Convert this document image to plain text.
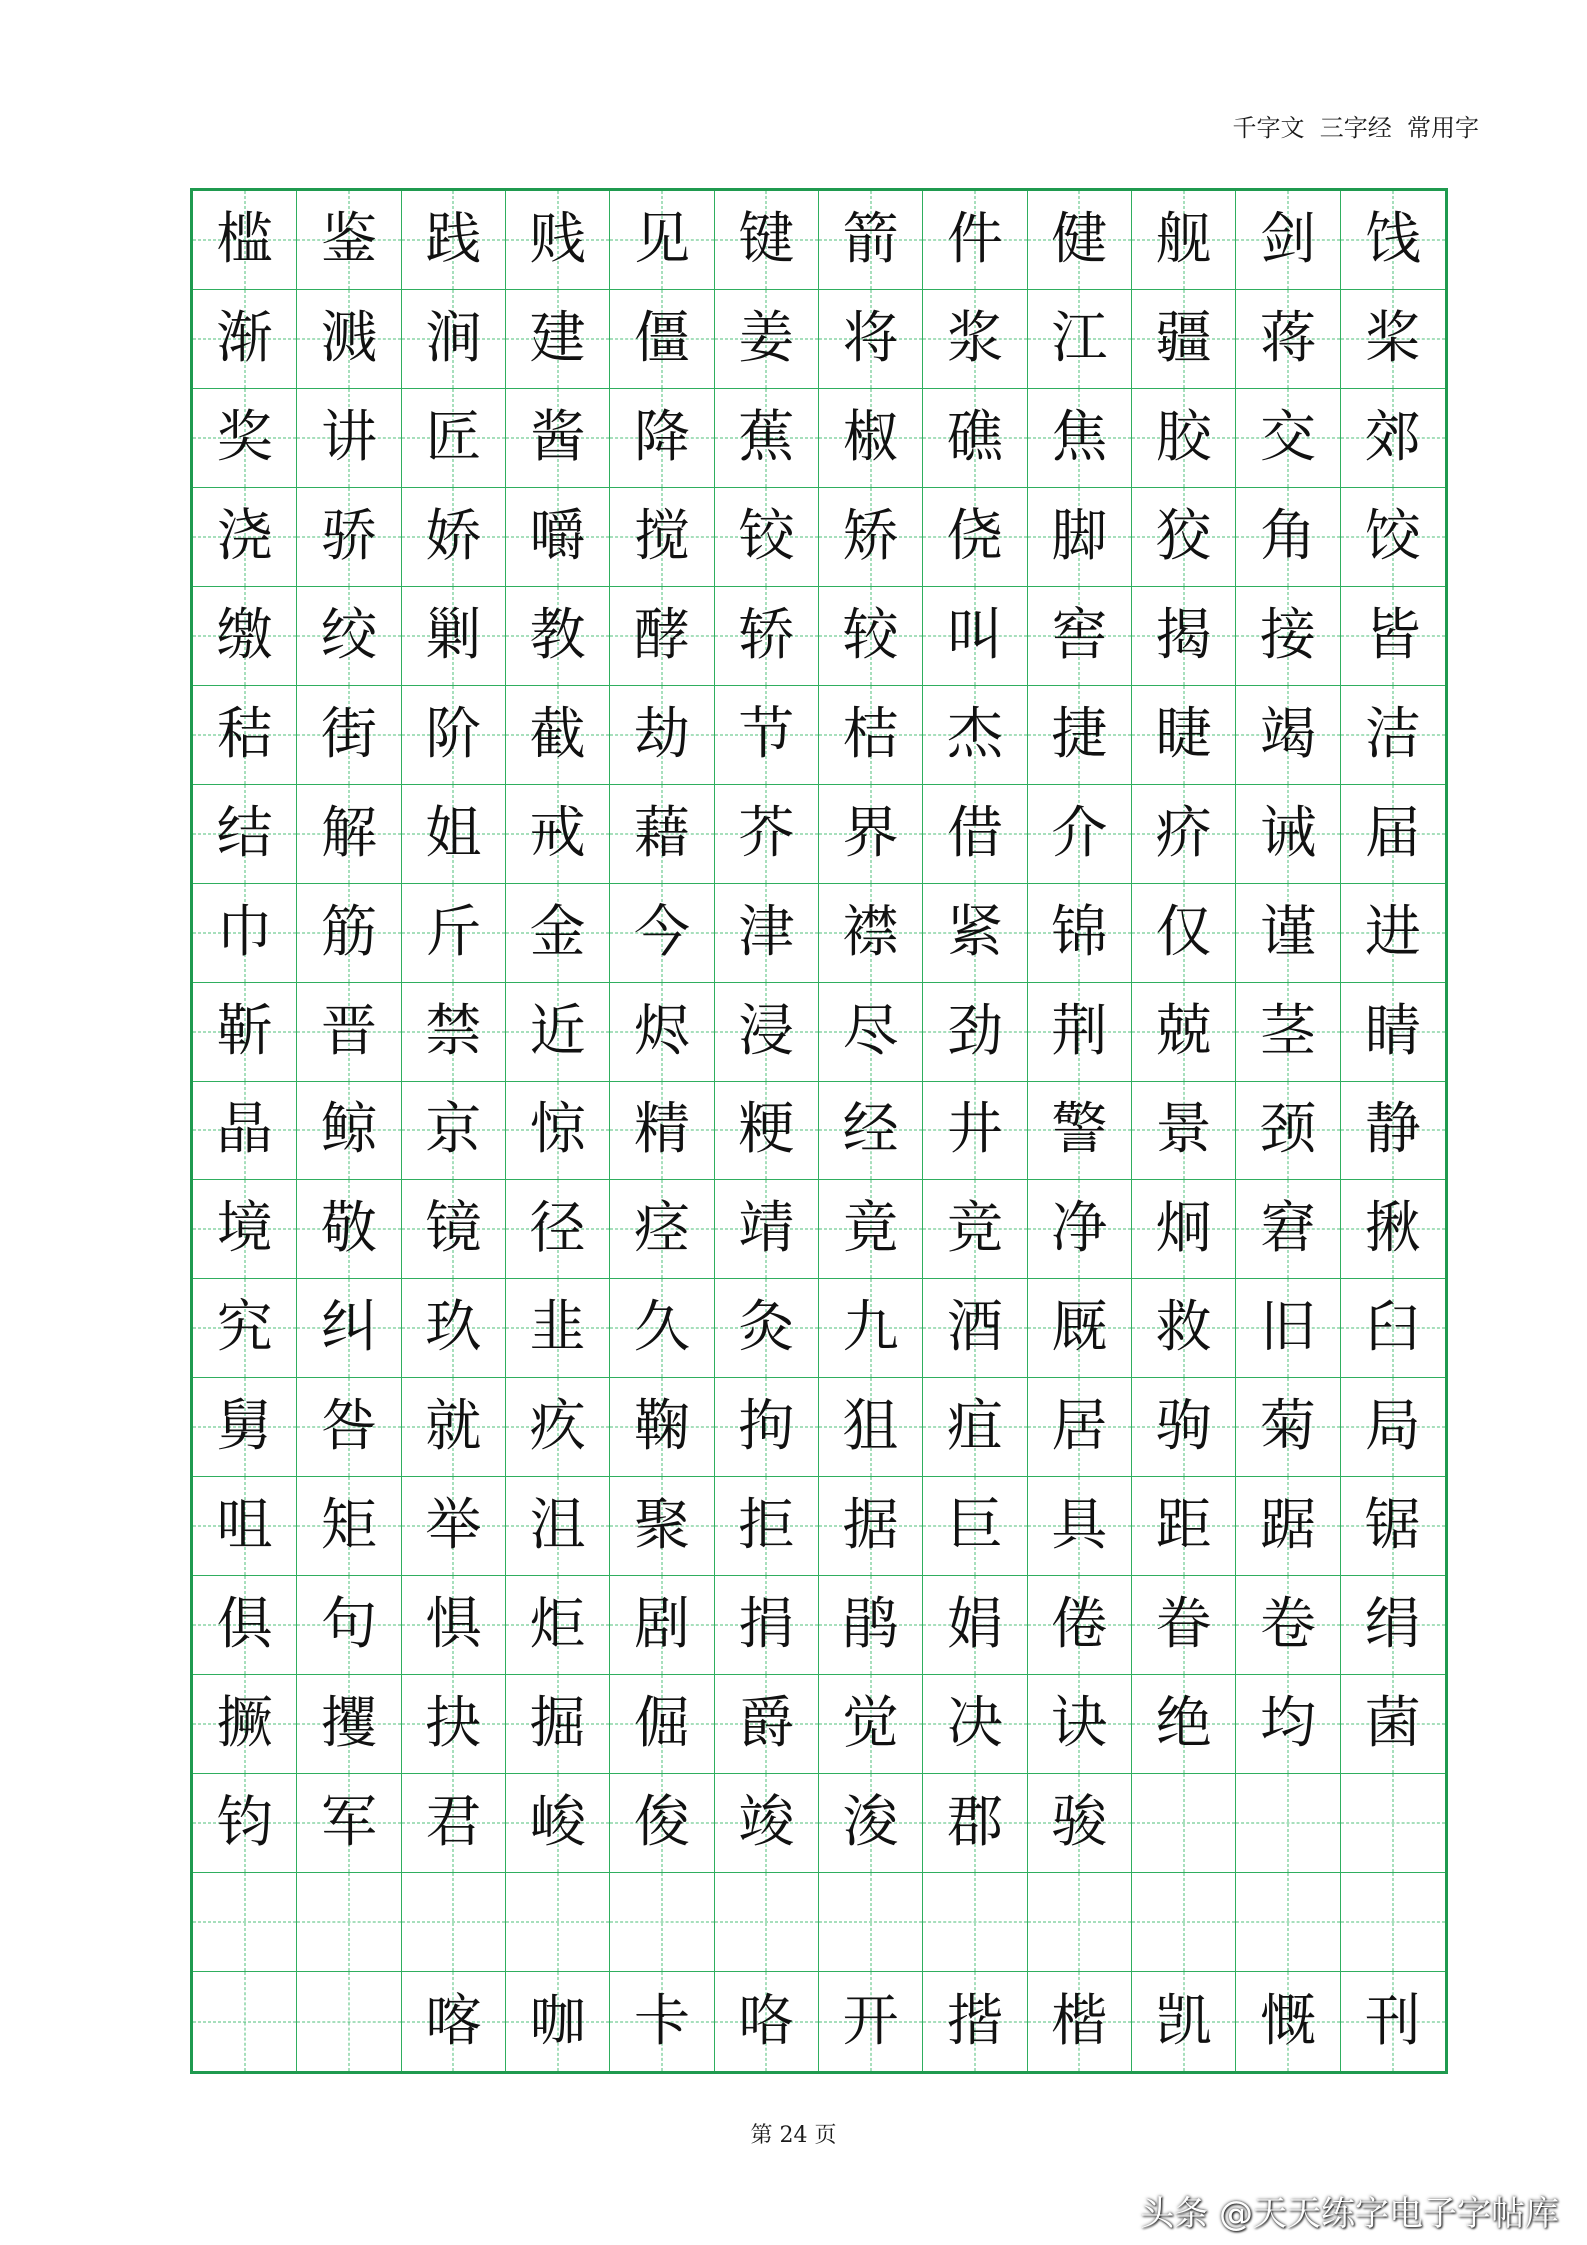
千字文  三字经  常用字
槛 鉴 践 贱 见 键 箭 件 健 舰 剑 饯
渐 溅 涧 建 僵 姜 将 浆 江 疆 蒋 桨
奖 讲 匠 酱 降 蕉 椒 礁 焦 胶 交 郊
浇 骄 娇 嚼 搅 铰 矫 侥 脚 狡 角 饺
缴 绞 剿 教 酵 轿 较 叫 窖 揭 接 皆
秸 街 阶 截 劫 节 桔 杰 捷 睫 竭 洁
结 解 姐 戒 藉 芥 界 借 介 疥 诫 届
巾 筋 斤 金 今 津 襟 紧 锦 仅 谨 进
靳 晋 禁 近 烬 浸 尽 劲 荆 兢 茎 睛
晶 鲸 京 惊 精 粳 经 井 警 景 颈 静
境 敬 镜 径 痉 靖 竟 竞 净 炯 窘 揪
究 纠 玖 韭 久 灸 九 酒 厩 救 旧 臼
舅 咎 就 疚 鞠 拘 狙 疽 居 驹 菊 局
咀 矩 举 沮 聚 拒 据 巨 具 距 踞 锯
俱 句 惧 炬 剧 捐 鹃 娟 倦 眷 卷 绢
撅 攫 抉 掘 倔 爵 觉 决 诀 绝 均 菌
钧 军 君 峻 俊 竣 浚 郡 骏
喀 咖 卡 咯 开 揩 楷 凯 慨 刊
第 24 页
头条 @天天练字电子字帖库
